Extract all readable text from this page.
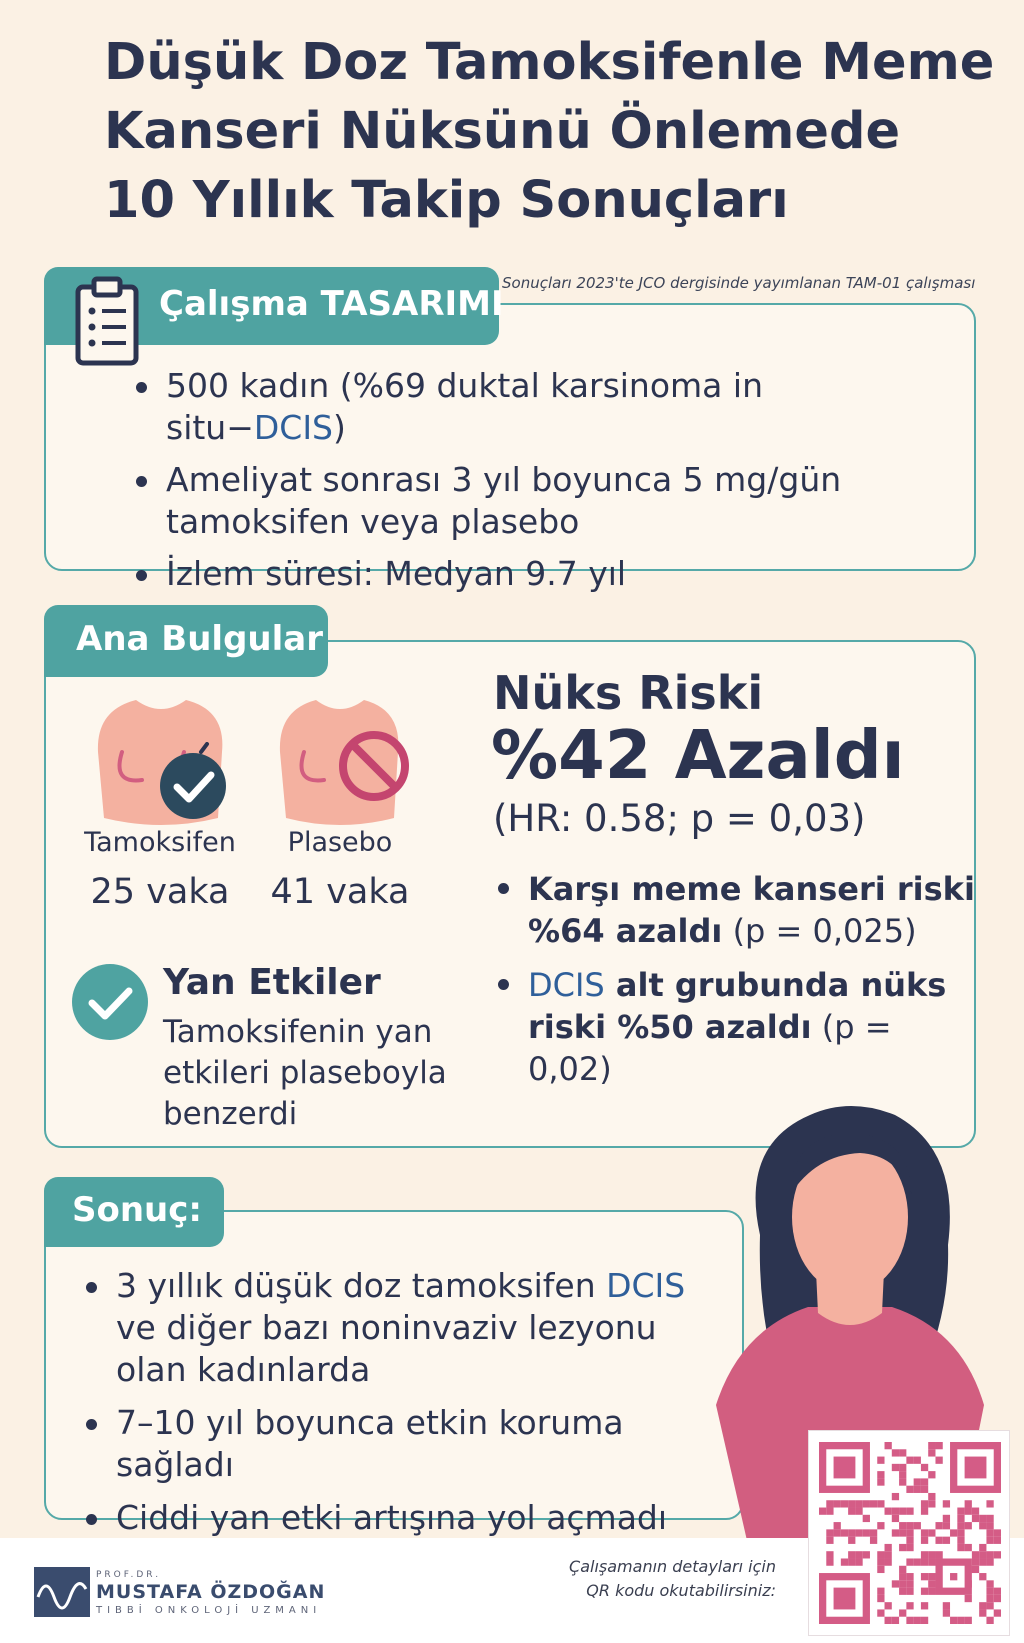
Düşük Doz Tamoksifenle Meme
Kanseri Nüksünü Önlemede
10 Yıllık Takip Sonuçları
Sonuçları 2023'te JCO dergisinde yayımlanan TAM-01 çalışması
Çalışma TASARIMI
500 kadın (%69 duktal karsinoma in situ−DCIS)
Ameliyat sonrası 3 yıl boyunca 5 mg/gün
tamoksifen veya plasebo
İzlem süresi: Medyan 9.7 yıl
Ana Bulgular
Tamoksifen
25 vaka
Plasebo
41 vaka
Yan Etkiler
Tamoksifenin yan etkileri plaseboyla benzerdi
Nüks Riski
%42 Azaldı
(HR: 0.58; p = 0,03)
Karşı meme kanseri riski %64 azaldı (p = 0,025)
DCIS alt grubunda nüks riski %50 azaldı (p = 0,02)
Sonuç:
3 yıllık düşük doz tamoksifen DCIS ve diğer bazı noninvaziv lezyonu olan kadınlarda
7–10 yıl boyunca etkin koruma sağladı
Ciddi yan etki artışına yol açmadı
PROF.DR.
MUSTAFA ÖZDOĞAN
TIBBİ ONKOLOJİ UZMANI
Çalışamanın detayları için
QR kodu okutabilirsiniz:
